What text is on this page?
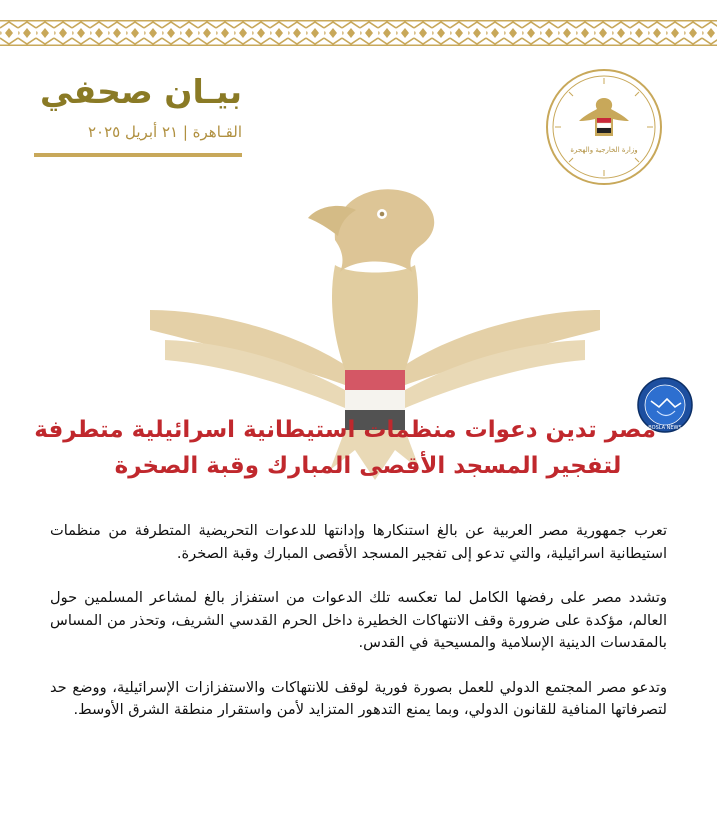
وزارة الخارجية والهجرة
بيـان صحفي
القـاهرة | ٢١ أبريل ٢٠٢٥
BOSLA NEWS
مصر تدين دعوات منظمات استيطانية اسرائيلية متطرفة
لتفجير المسجد الأقصى المبارك وقبة الصخرة

تعرب جمهورية مصر العربية عن بالغ استنكارها وإدانتها للدعوات التحريضية المتطرفة من منظمات استيطانية اسرائيلية، والتي تدعو إلى تفجير المسجد الأقصى المبارك وقبة الصخرة.

وتشدد مصر على رفضها الكامل لما تعكسه تلك الدعوات من استفزاز بالغ لمشاعر المسلمين حول العالم، مؤكدة على ضرورة وقف الانتهاكات الخطيرة داخل الحرم القدسي الشريف، وتحذر من المساس بالمقدسات الدينية الإسلامية والمسيحية في القدس.

وتدعو مصر المجتمع الدولي للعمل بصورة فورية لوقف للانتهاكات والاستفزازات الإسرائيلية، ووضع حد لتصرفاتها المنافية للقانون الدولي، وبما يمنع التدهور المتزايد لأمن واستقرار منطقة الشرق الأوسط.
